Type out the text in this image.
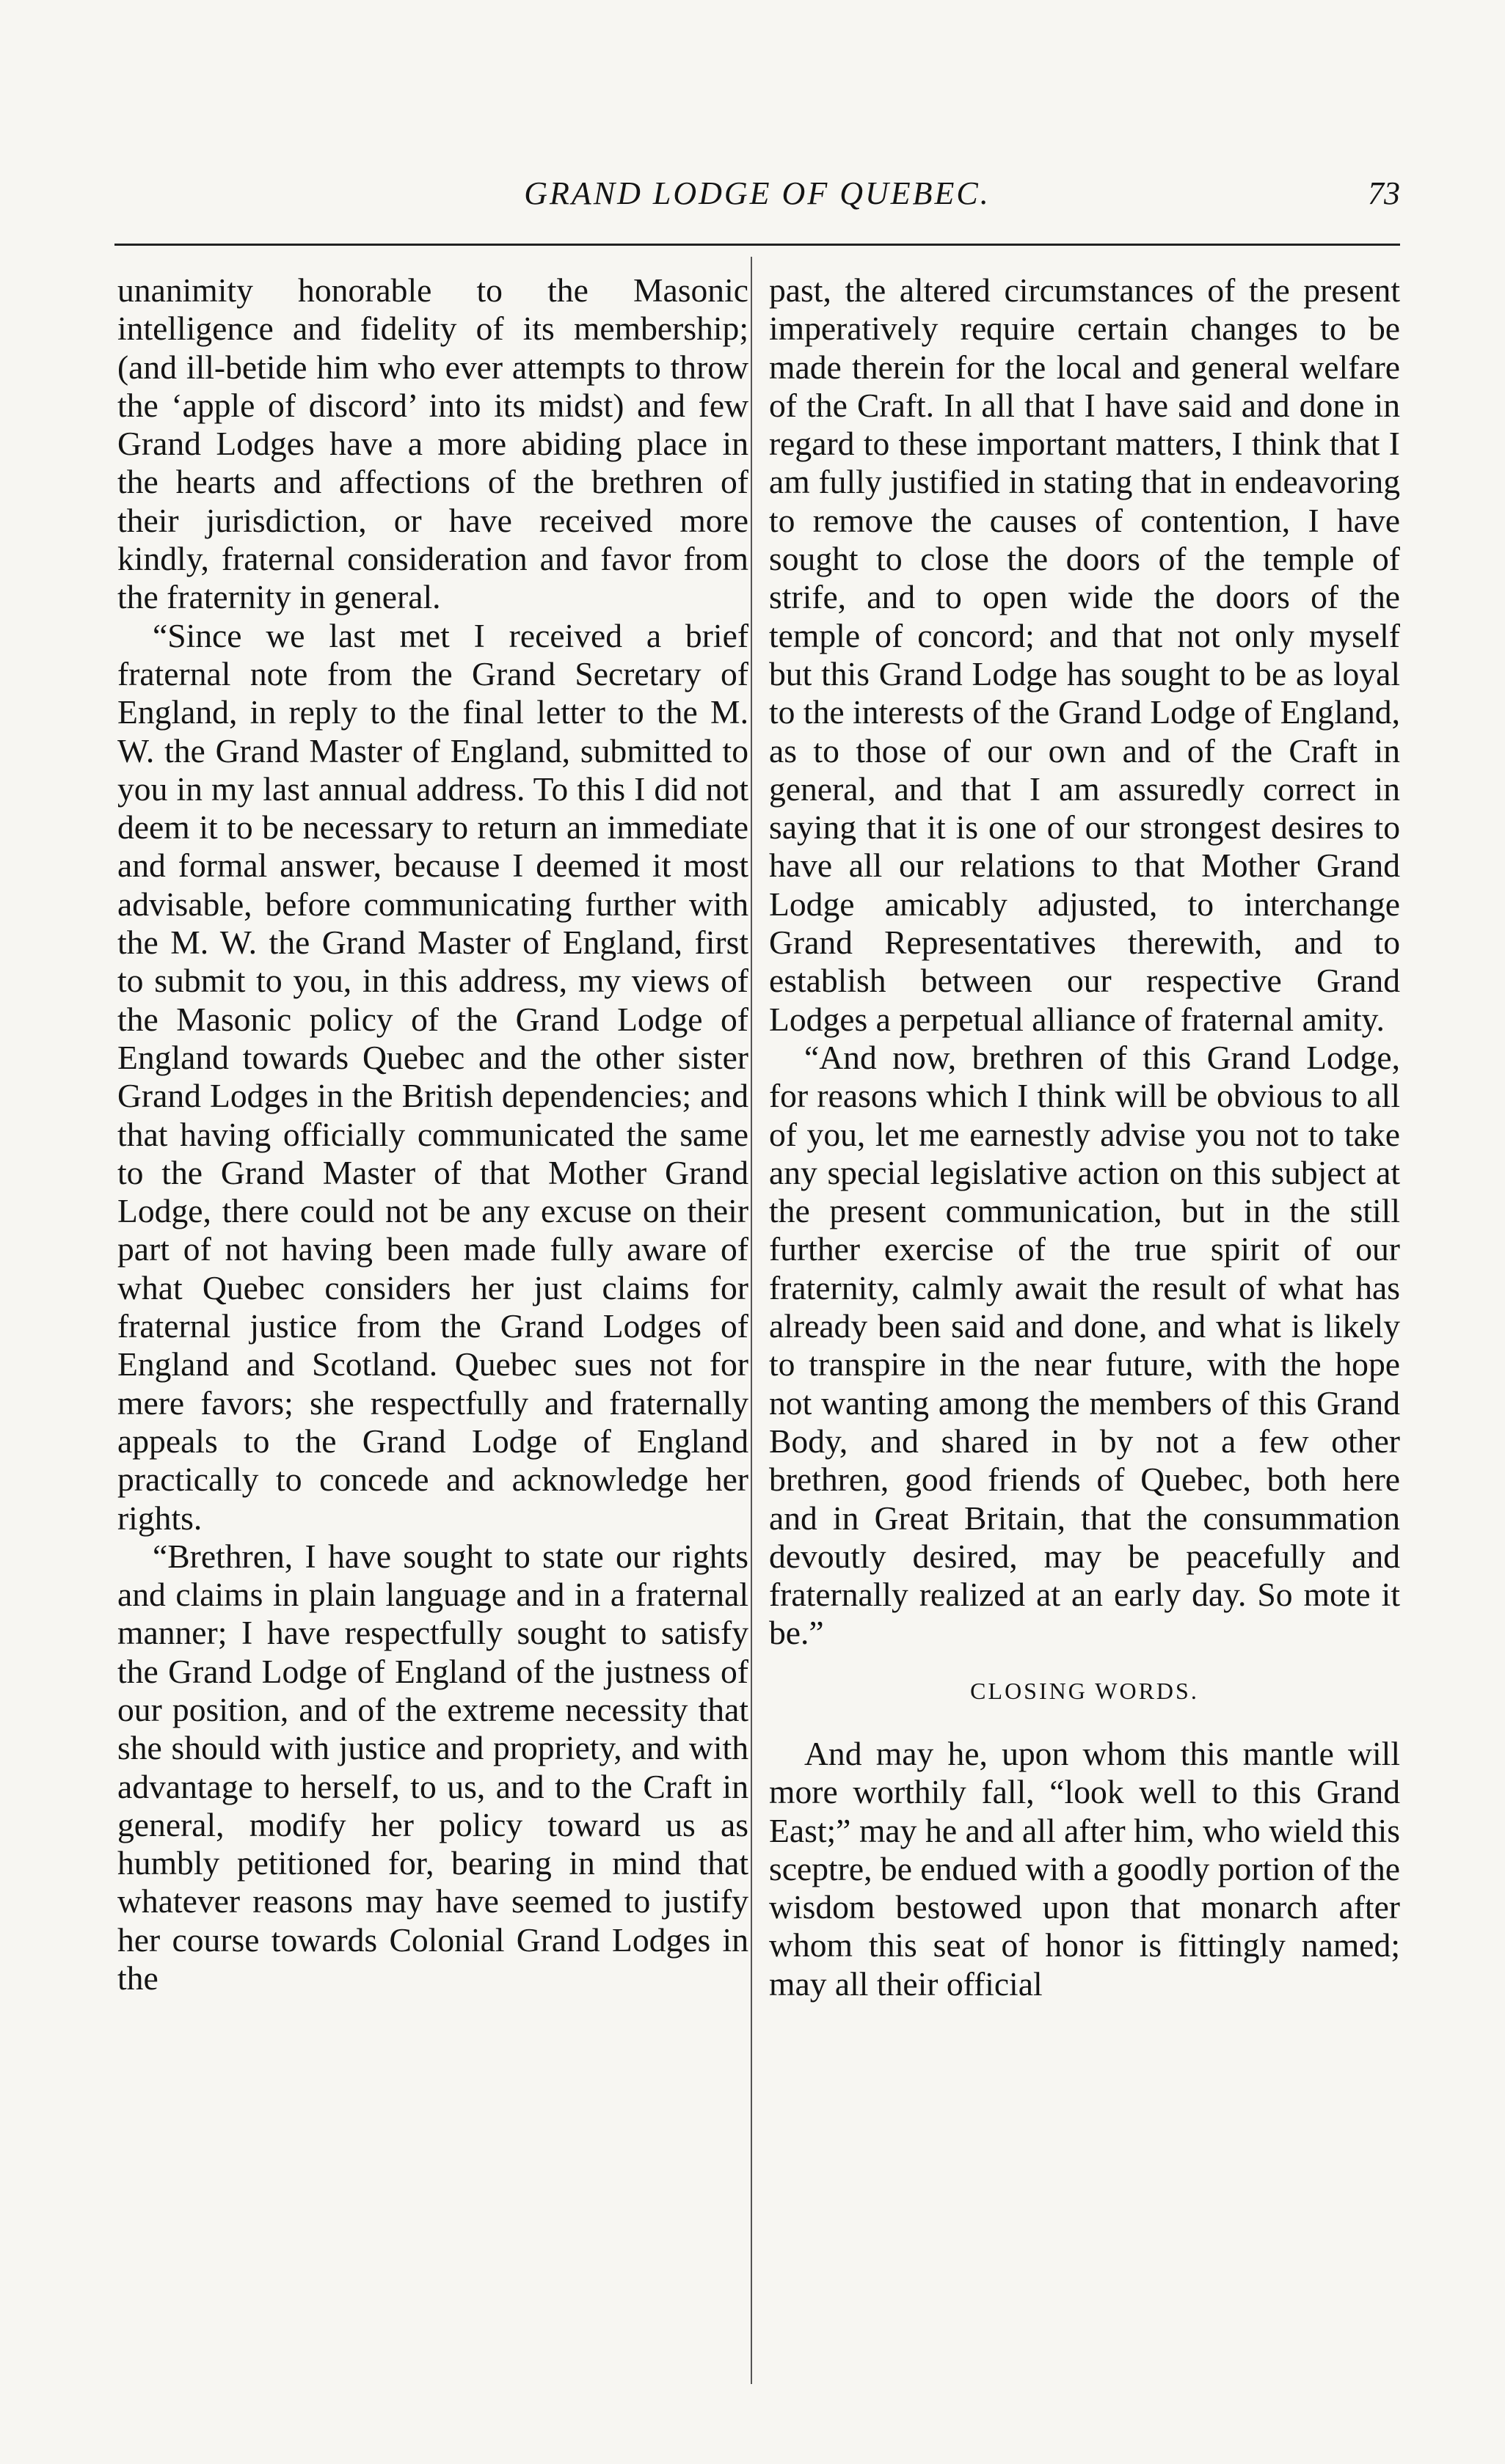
GRAND LODGE OF QUEBEC.	73

unanimity honorable to the Masonic intelligence and fidelity of its membership; (and ill-betide him who ever attempts to throw the ‘apple of discord’ into its midst) and few Grand Lodges have a more abiding place in the hearts and affections of the brethren of their jurisdiction, or have received more kindly, fraternal consideration and favor from the fraternity in general.

“Since we last met I received a brief fraternal note from the Grand Secretary of England, in reply to the final letter to the M. W. the Grand Master of England, submitted to you in my last annual address. To this I did not deem it to be necessary to return an immediate and formal answer, because I deemed it most advisable, before communicating further with the M. W. the Grand Master of England, first to submit to you, in this address, my views of the Masonic policy of the Grand Lodge of England towards Quebec and the other sister Grand Lodges in the British dependencies; and that having officially communicated the same to the Grand Master of that Mother Grand Lodge, there could not be any excuse on their part of not having been made fully aware of what Quebec considers her just claims for fraternal justice from the Grand Lodges of England and Scotland. Quebec sues not for mere favors; she respectfully and fraternally appeals to the Grand Lodge of England practically to concede and acknowledge her rights.

“Brethren, I have sought to state our rights and claims in plain language and in a fraternal manner; I have respectfully sought to satisfy the Grand Lodge of England of the justness of our position, and of the extreme necessity that she should with justice and propriety, and with advantage to herself, to us, and to the Craft in general, modify her policy toward us as humbly petitioned for, bearing in mind that whatever reasons may have seemed to justify her course towards Colonial Grand Lodges in the

past, the altered circumstances of the present imperatively require certain changes to be made therein for the local and general welfare of the Craft. In all that I have said and done in regard to these important matters, I think that I am fully justified in stating that in endeavoring to remove the causes of contention, I have sought to close the doors of the temple of strife, and to open wide the doors of the temple of concord; and that not only myself but this Grand Lodge has sought to be as loyal to the interests of the Grand Lodge of England, as to those of our own and of the Craft in general, and that I am assuredly correct in saying that it is one of our strongest desires to have all our relations to that Mother Grand Lodge amicably adjusted, to interchange Grand Representatives therewith, and to establish between our respective Grand Lodges a perpetual alliance of fraternal amity.

“And now, brethren of this Grand Lodge, for reasons which I think will be obvious to all of you, let me earnestly advise you not to take any special legislative action on this subject at the present communication, but in the still further exercise of the true spirit of our fraternity, calmly await the result of what has already been said and done, and what is likely to transpire in the near future, with the hope not wanting among the members of this Grand Body, and shared in by not a few other brethren, good friends of Quebec, both here and in Great Britain, that the consummation devoutly desired, may be peacefully and fraternally realized at an early day. So mote it be.”

CLOSING WORDS.

And may he, upon whom this mantle will more worthily fall, “look well to this Grand East;” may he and all after him, who wield this sceptre, be endued with a goodly portion of the wisdom bestowed upon that monarch after whom this seat of honor is fittingly named; may all their official
